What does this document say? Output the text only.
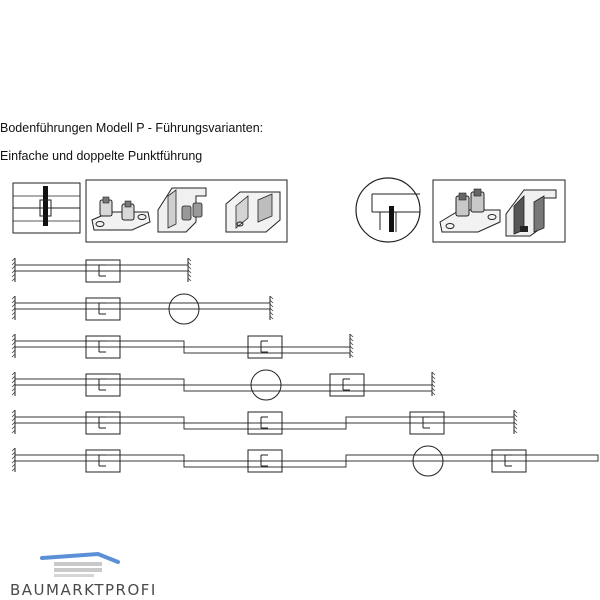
Bodenführungen Modell P - Führungsvarianten:
Einfache und doppelte Punktführung
BAUMARKTPROFI
